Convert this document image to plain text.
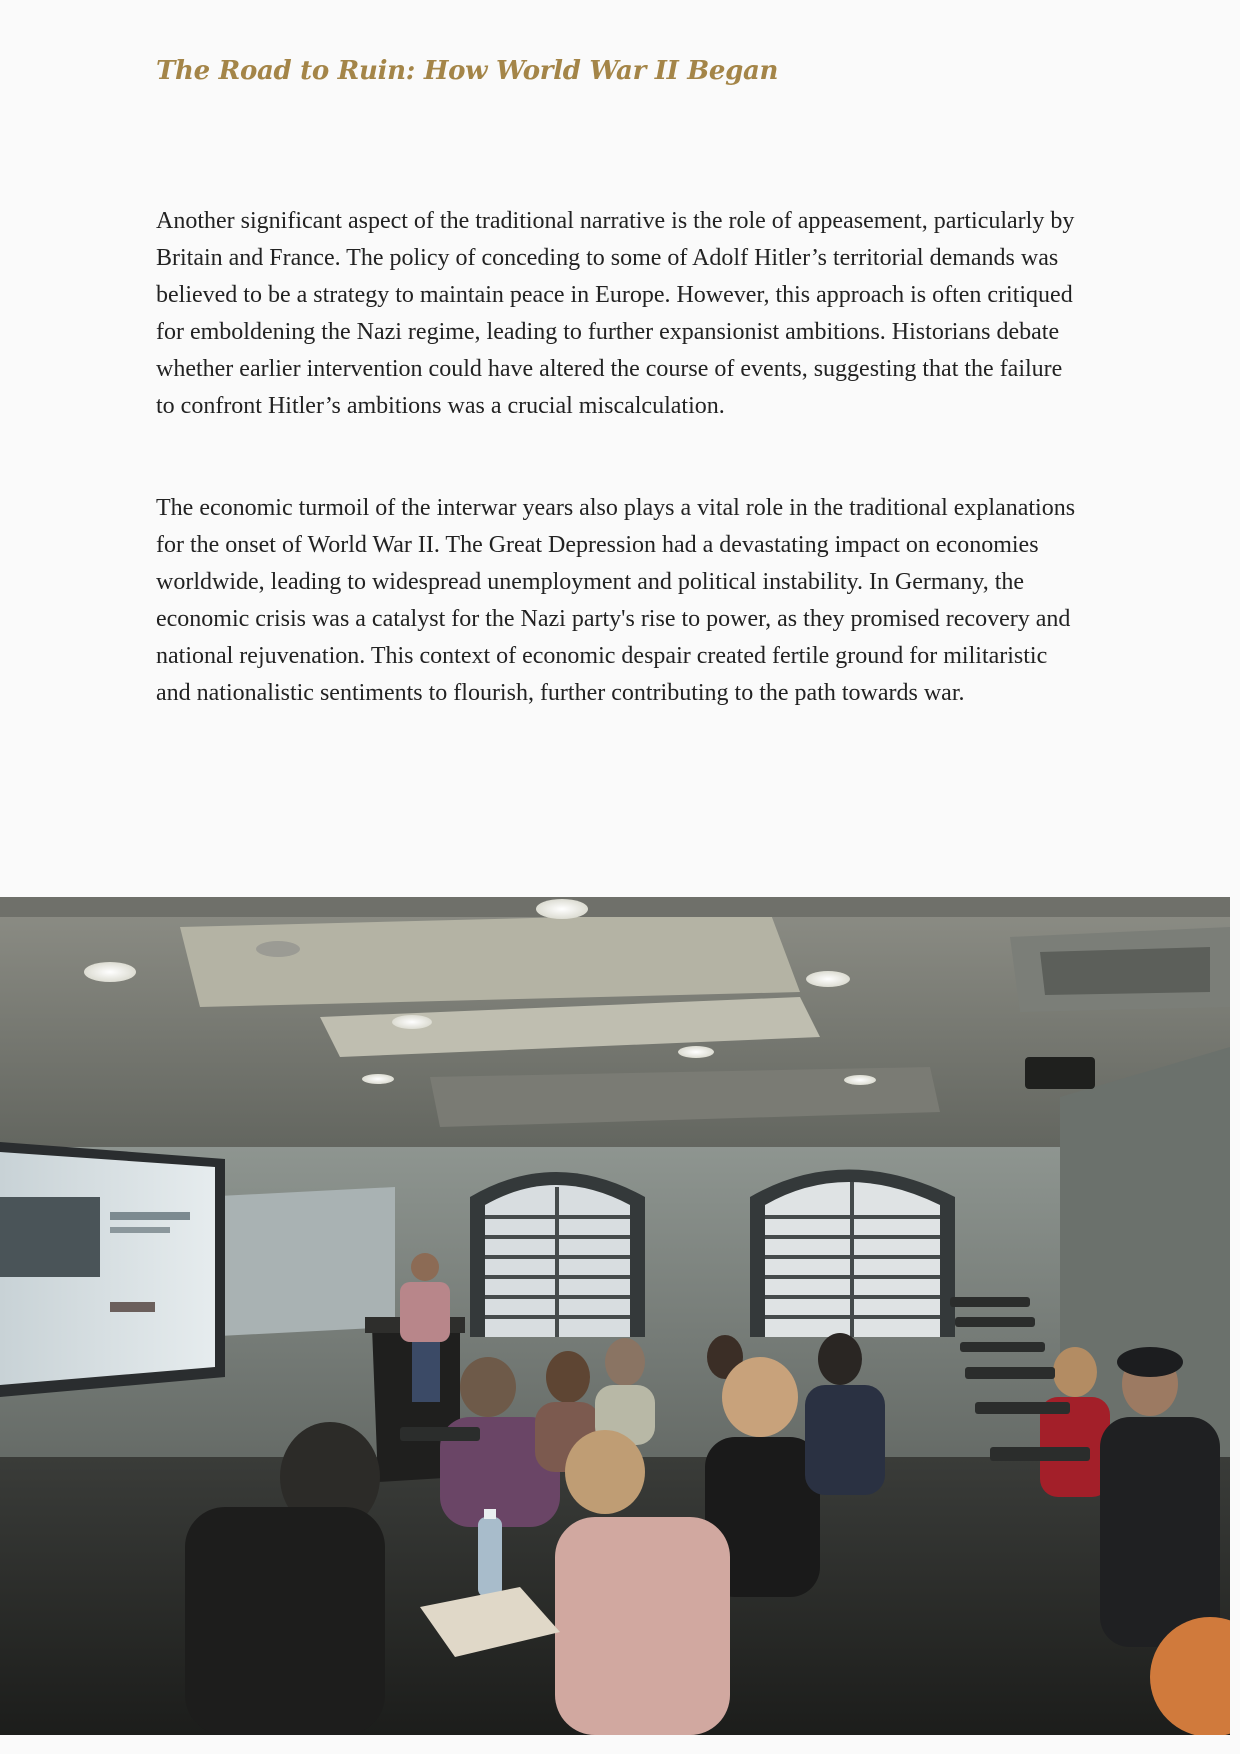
The Road to Ruin: How World War II Began

Another significant aspect of the traditional narrative is the role of appeasement, particularly by Britain and France. The policy of conceding to some of Adolf Hitler’s territorial demands was believed to be a strategy to maintain peace in Europe. However, this approach is often critiqued for emboldening the Nazi regime, leading to further expansionist ambitions. Historians debate whether earlier intervention could have altered the course of events, suggesting that the failure to confront Hitler’s ambitions was a crucial miscalculation.

The economic turmoil of the interwar years also plays a vital role in the traditional explanations for the onset of World War II. The Great Depression had a devastating impact on economies worldwide, leading to widespread unemployment and political instability. In Germany, the economic crisis was a catalyst for the Nazi party's rise to power, as they promised recovery and national rejuvenation. This context of economic despair created fertile ground for militaristic and nationalistic sentiments to flourish, further contributing to the path towards war.
